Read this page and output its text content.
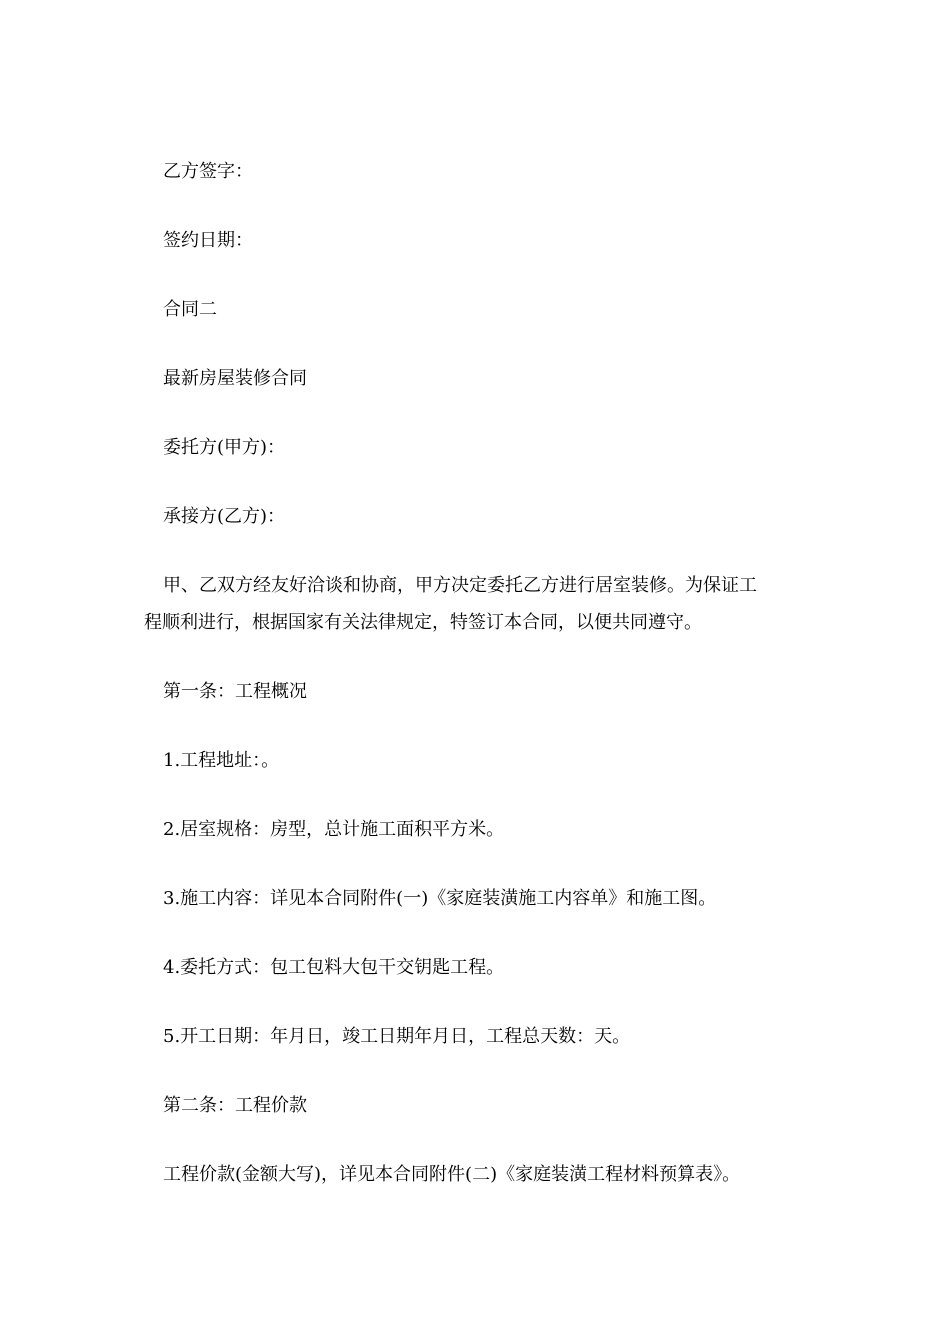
乙方签字：
签约日期：
合同二
最新房屋装修合同
委托方(甲方)：
承接方(乙方)：
甲、乙双方经友好洽谈和协商，甲方决定委托乙方进行居室装修。为保证工
程顺利进行，根据国家有关法律规定，特签订本合同，以便共同遵守。
第一条：工程概况
1.工程地址：。
2.居室规格：房型，总计施工面积平方米。
3.施工内容：详见本合同附件(一)《家庭装潢施工内容单》和施工图。
4.委托方式：包工包料大包干交钥匙工程。
5.开工日期：年月日，竣工日期年月日，工程总天数：天。
第二条：工程价款
工程价款(金额大写)，详见本合同附件(二)《家庭装潢工程材料预算表》。
